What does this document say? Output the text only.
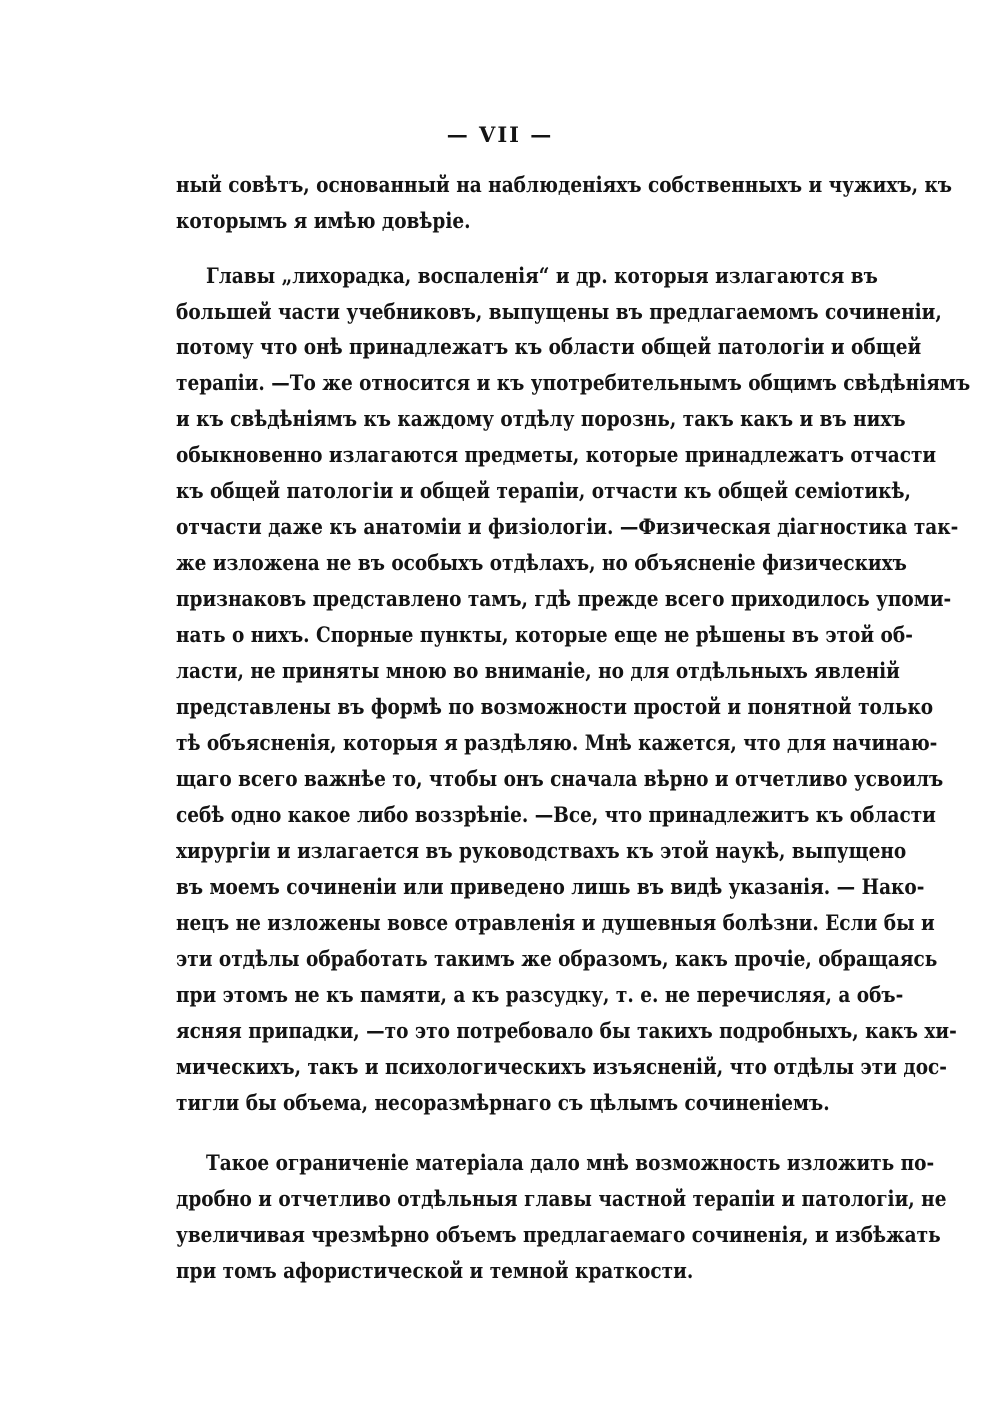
— VII —
ный совѣтъ, основанный на наблюденiяхъ собственныхъ и чужихъ, къ
которымъ я имѣю довѣрiе.
Главы „лихорадка, воспаленiя“ и др. которыя излагаются въ
большей части учебниковъ, выпущены въ предлагаемомъ сочиненiи,
потому что онѣ принадлежатъ къ области общей патологiи и общей
терапiи. —То же относится и къ употребительнымъ общимъ свѣдѣнiямъ
и къ свѣдѣнiямъ къ каждому отдѣлу порознь, такъ какъ и въ нихъ
обыкновенно излагаются предметы, которые принадлежатъ отчасти
къ общей патологiи и общей терапiи, отчасти къ общей семiотикѣ,
отчасти даже къ анатомiи и физiологiи. —Физическая дiагностика так-
же изложена не въ особыхъ отдѣлахъ, но объясненiе физическихъ
признаковъ представлено тамъ, гдѣ прежде всего приходилось упоми-
нать о нихъ. Спорные пункты, которые еще не рѣшены въ этой об-
ласти, не приняты мною во вниманiе, но для отдѣльныхъ явленiй
представлены въ формѣ по возможности простой и понятной только
тѣ объясненiя, которыя я раздѣляю. Мнѣ кажется, что для начинаю-
щаго всего важнѣе то, чтобы онъ сначала вѣрно и отчетливо усвоилъ
себѣ одно какое либо воззрѣнiе. —Все, что принадлежитъ къ области
хирургiи и излагается въ руководствахъ къ этой наукѣ, выпущено
въ моемъ сочиненiи или приведено лишь въ видѣ указанiя. — Нако-
нецъ не изложены вовсе отравленiя и душевныя болѣзни. Если бы и
эти отдѣлы обработать такимъ же образомъ, какъ прочiе, обращаясь
при этомъ не къ памяти, а къ разсудку, т. е. не перечисляя, а объ-
ясняя припадки, —то это потребовало бы такихъ подробныхъ, какъ хи-
мическихъ, такъ и психологическихъ изъясненiй, что отдѣлы эти дос-
тигли бы объема, несоразмѣрнаго съ цѣлымъ сочиненiемъ.
Такое ограниченiе матерiала дало мнѣ возможность изложить по-
дробно и отчетливо отдѣльныя главы частной терапiи и патологiи, не
увеличивая чрезмѣрно объемъ предлагаемаго сочиненiя, и избѣжать
при томъ афористической и темной краткости.
